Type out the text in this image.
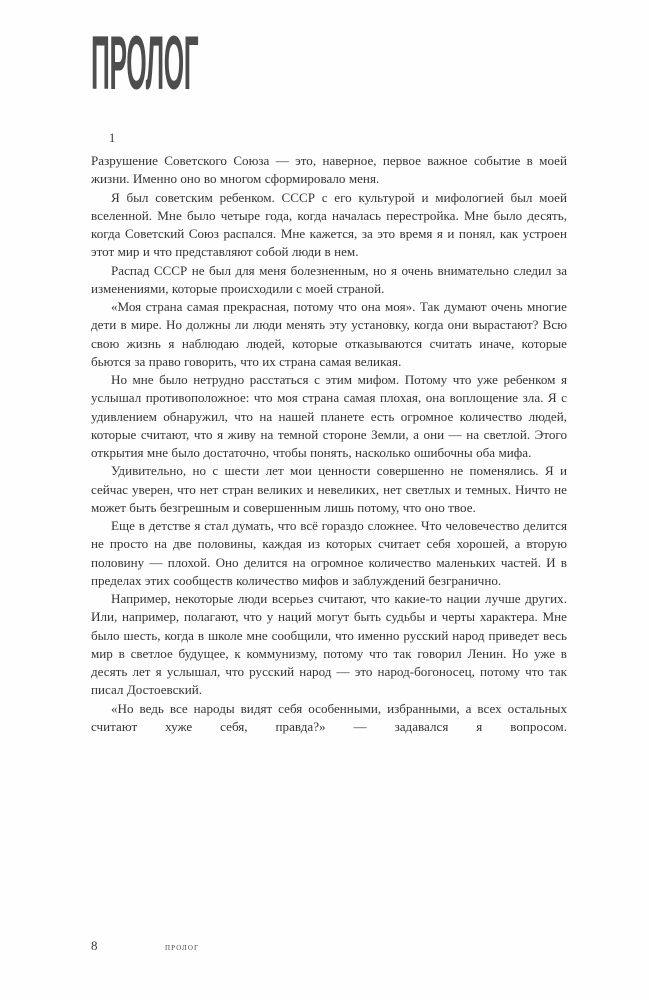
ПРОЛОГ
1

Разрушение Советского Союза — это, наверное, первое важное событие в моей жизни. Именно оно во многом сформировало меня.

Я был советским ребенком. СССР с его культурой и мифологией был моей вселенной. Мне было четыре года, когда началась перестройка. Мне было десять, когда Советский Союз распался. Мне кажется, за это время я и понял, как устроен этот мир и что представляют собой люди в нем.

Распад СССР не был для меня болезненным, но я очень внимательно следил за изменениями, которые происходили с моей страной.

«Моя страна самая прекрасная, потому что она моя». Так думают очень многие дети в мире. Но должны ли люди менять эту установку, когда они вырастают? Всю свою жизнь я наблюдаю людей, которые отказываются считать иначе, которые бьются за право говорить, что их страна самая великая.

Но мне было нетрудно расстаться с этим мифом. Потому что уже ребенком я услышал противоположное: что моя страна самая плохая, она воплощение зла. Я с удивлением обнаружил, что на нашей планете есть огромное количество людей, которые считают, что я живу на темной стороне Земли, а они — на светлой. Этого открытия мне было достаточно, чтобы понять, насколько ошибочны оба мифа.

Удивительно, но с шести лет мои ценности совершенно не поменялись. Я и сейчас уверен, что нет стран великих и невеликих, нет светлых и темных. Ничто не может быть безгрешным и совершенным лишь потому, что оно твое.

Еще в детстве я стал думать, что всё гораздо сложнее. Что человечество делится не просто на две половины, каждая из которых считает себя хорошей, а вторую половину — плохой. Оно делится на огромное количество маленьких частей. И в пределах этих сообществ количество мифов и заблуждений безгранично.

Например, некоторые люди всерьез считают, что какие-то нации лучше других. Или, например, полагают, что у наций могут быть судьбы и черты характера. Мне было шесть, когда в школе мне сообщили, что именно русский народ приведет весь мир в светлое будущее, к коммунизму, потому что так говорил Ленин. Но уже в десять лет я услышал, что русский народ — это народ-богоносец, потому что так писал Достоевский.

«Но ведь все народы видят себя особенными, избранными, а всех остальных считают хуже себя, правда?» — задавался я вопросом.

8	пролог
